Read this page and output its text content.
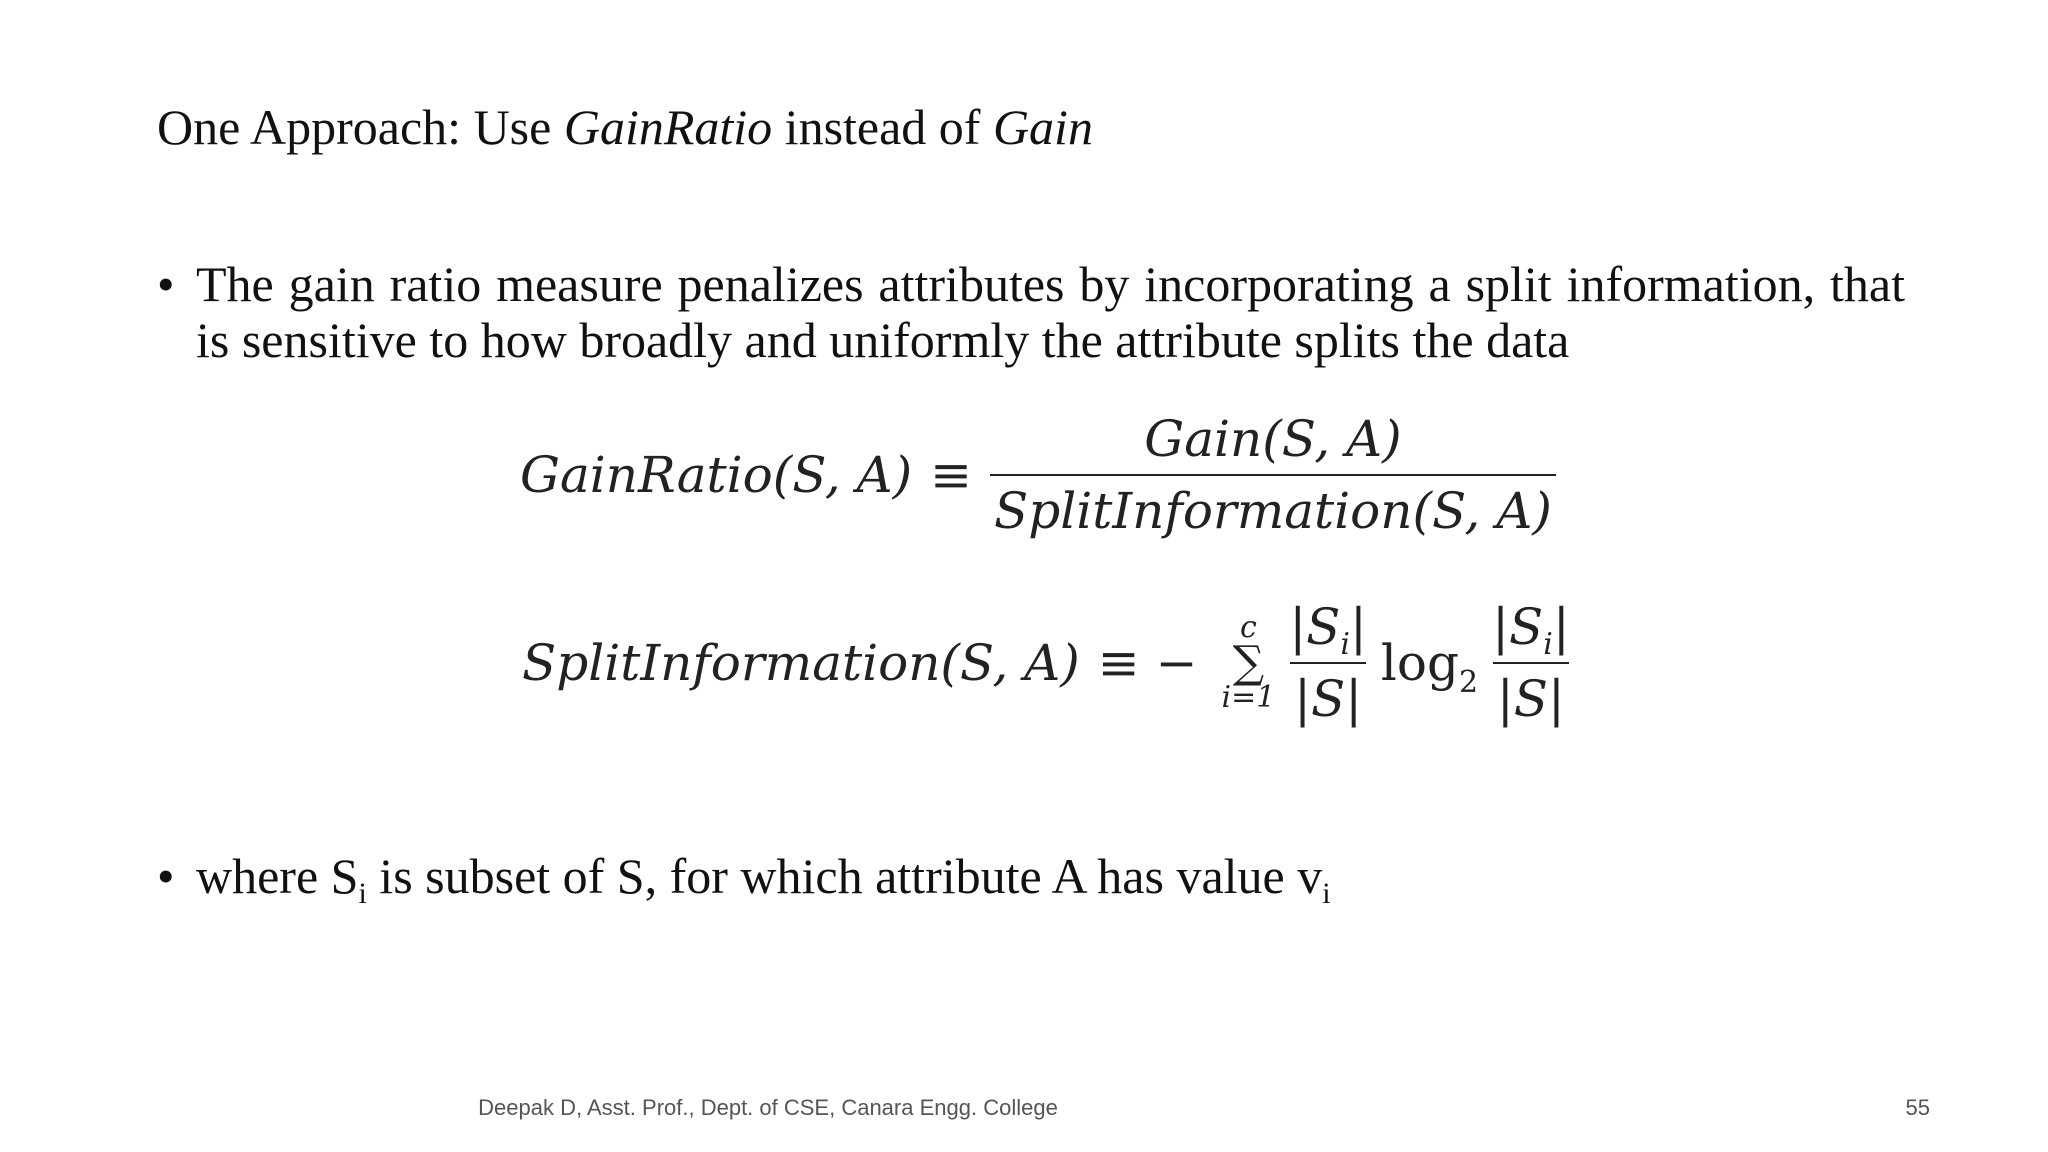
One Approach: Use GainRatio instead of Gain
• The gain ratio measure penalizes attributes by incorporating a split information, that is sensitive to how broadly and uniformly the attribute splits the data
GainRatio(S, $A) \equiv \frac{\text{Gain(S, A)}}{\text{SplitInformation(S, A)}}$
SplitInformation(S, A) ≡ −
c
∑
$i=1 \frac{|S_i|}{|S|} \log_2 \frac{|S_i|}{|S|}$
• where $S_i$ is subset of S, for which attribute A has value $v_i$
Deepak D, Asst. Prof., Dept. of CSE, Canara Engg. College	55
